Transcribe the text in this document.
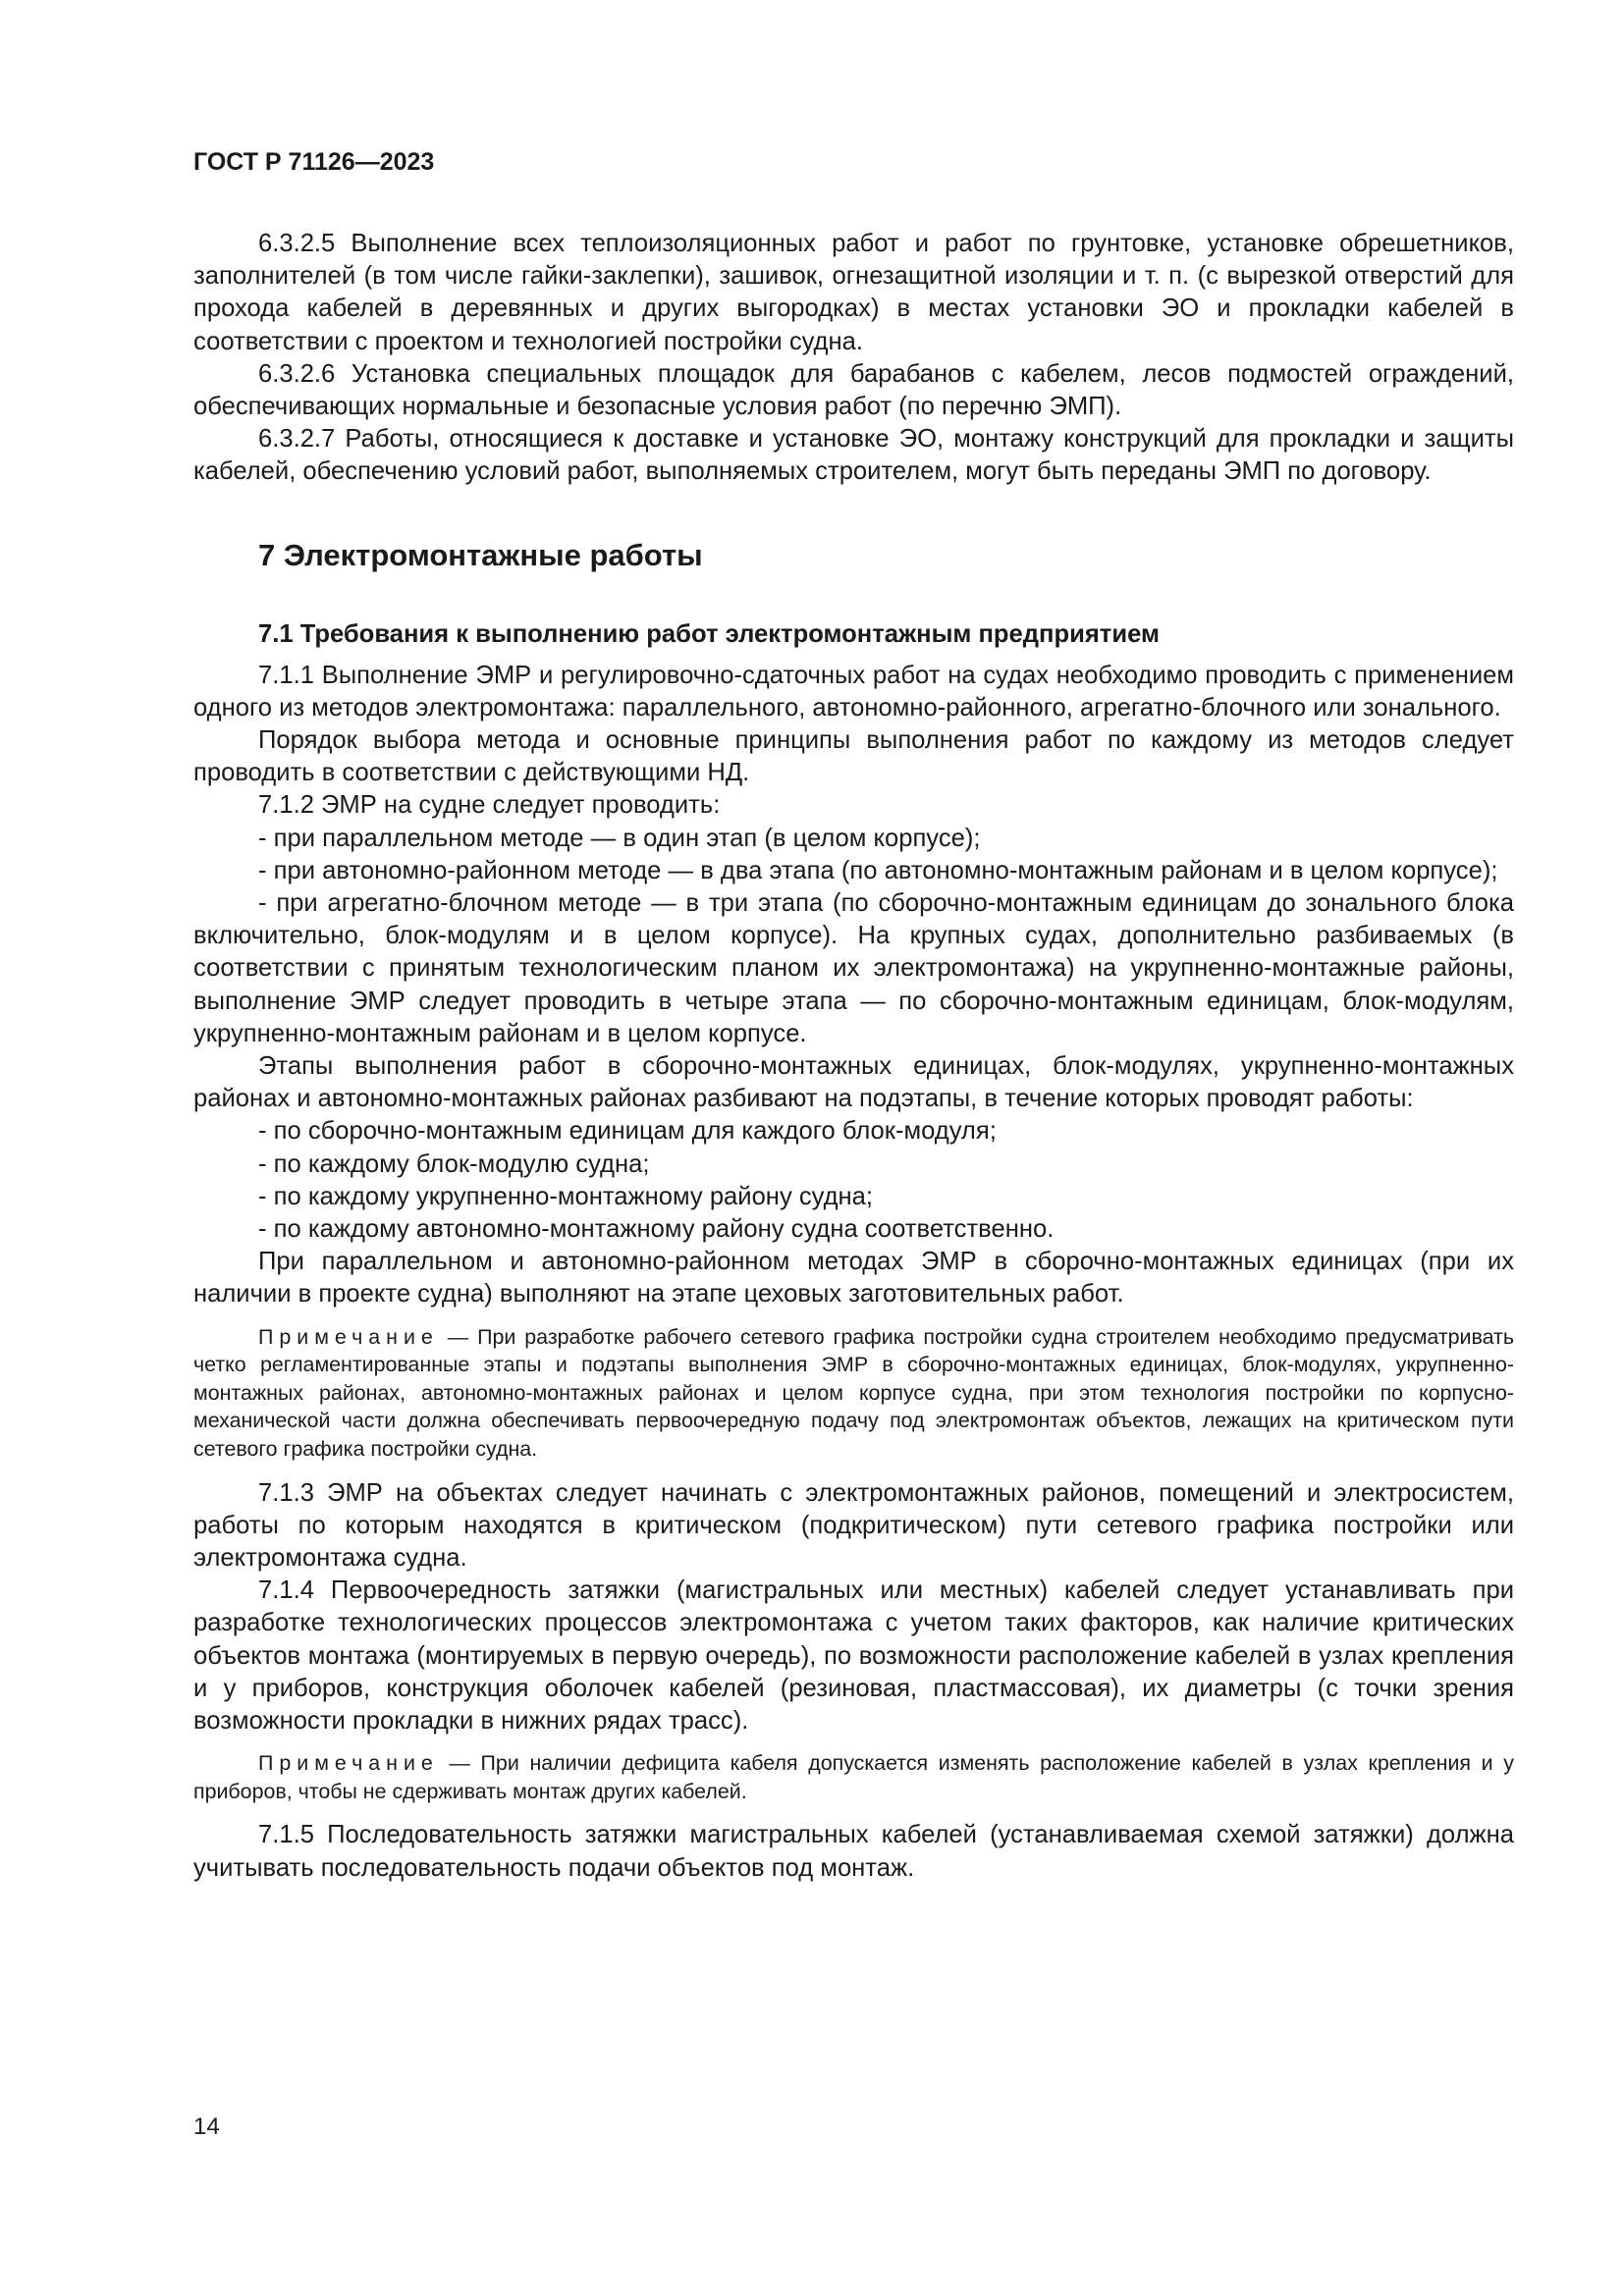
ГОСТ Р 71126—2023

6.3.2.5 Выполнение всех теплоизоляционных работ и работ по грунтовке, установке обрешетников, заполнителей (в том числе гайки-заклепки), зашивок, огнезащитной изоляции и т. п. (с вырезкой отверстий для прохода кабелей в деревянных и других выгородках) в местах установки ЭО и прокладки кабелей в соответствии с проектом и технологией постройки судна.

6.3.2.6 Установка специальных площадок для барабанов с кабелем, лесов подмостей ограждений, обеспечивающих нормальные и безопасные условия работ (по перечню ЭМП).

6.3.2.7 Работы, относящиеся к доставке и установке ЭО, монтажу конструкций для прокладки и защиты кабелей, обеспечению условий работ, выполняемых строителем, могут быть переданы ЭМП по договору.

7 Электромонтажные работы
7.1 Требования к выполнению работ электромонтажным предприятием

7.1.1 Выполнение ЭМР и регулировочно-сдаточных работ на судах необходимо проводить с применением одного из методов электромонтажа: параллельного, автономно-районного, агрегатно-блочного или зонального.

Порядок выбора метода и основные принципы выполнения работ по каждому из методов следует проводить в соответствии с действующими НД.

7.1.2 ЭМР на судне следует проводить:

- при параллельном методе — в один этап (в целом корпусе);

- при автономно-районном методе — в два этапа (по автономно-монтажным районам и в целом корпусе);

- при агрегатно-блочном методе — в три этапа (по сборочно-монтажным единицам до зонального блока включительно, блок-модулям и в целом корпусе). На крупных судах, дополнительно разбиваемых (в соответствии с принятым технологическим планом их электромонтажа) на укрупненно-монтажные районы, выполнение ЭМР следует проводить в четыре этапа — по сборочно-монтажным единицам, блок-модулям, укрупненно-монтажным районам и в целом корпусе.

Этапы выполнения работ в сборочно-монтажных единицах, блок-модулях, укрупненно-монтажных районах и автономно-монтажных районах разбивают на подэтапы, в течение которых проводят работы:

- по сборочно-монтажным единицам для каждого блок-модуля;

- по каждому блок-модулю судна;

- по каждому укрупненно-монтажному району судна;

- по каждому автономно-монтажному району судна соответственно.

При параллельном и автономно-районном методах ЭМР в сборочно-монтажных единицах (при их наличии в проекте судна) выполняют на этапе цеховых заготовительных работ.

Примечание — При разработке рабочего сетевого графика постройки судна строителем необходимо предусматривать четко регламентированные этапы и подэтапы выполнения ЭМР в сборочно-монтажных единицах, блок-модулях, укрупненно-монтажных районах, автономно-монтажных районах и целом корпусе судна, при этом технология постройки по корпусно-механической части должна обеспечивать первоочередную подачу под электромонтаж объектов, лежащих на критическом пути сетевого графика постройки судна.

7.1.3 ЭМР на объектах следует начинать с электромонтажных районов, помещений и электросистем, работы по которым находятся в критическом (подкритическом) пути сетевого графика постройки или электромонтажа судна.

7.1.4 Первоочередность затяжки (магистральных или местных) кабелей следует устанавливать при разработке технологических процессов электромонтажа с учетом таких факторов, как наличие критических объектов монтажа (монтируемых в первую очередь), по возможности расположение кабелей в узлах крепления и у приборов, конструкция оболочек кабелей (резиновая, пластмассовая), их диаметры (с точки зрения возможности прокладки в нижних рядах трасс).

Примечание — При наличии дефицита кабеля допускается изменять расположение кабелей в узлах крепления и у приборов, чтобы не сдерживать монтаж других кабелей.

7.1.5 Последовательность затяжки магистральных кабелей (устанавливаемая схемой затяжки) должна учитывать последовательность подачи объектов под монтаж.

14
